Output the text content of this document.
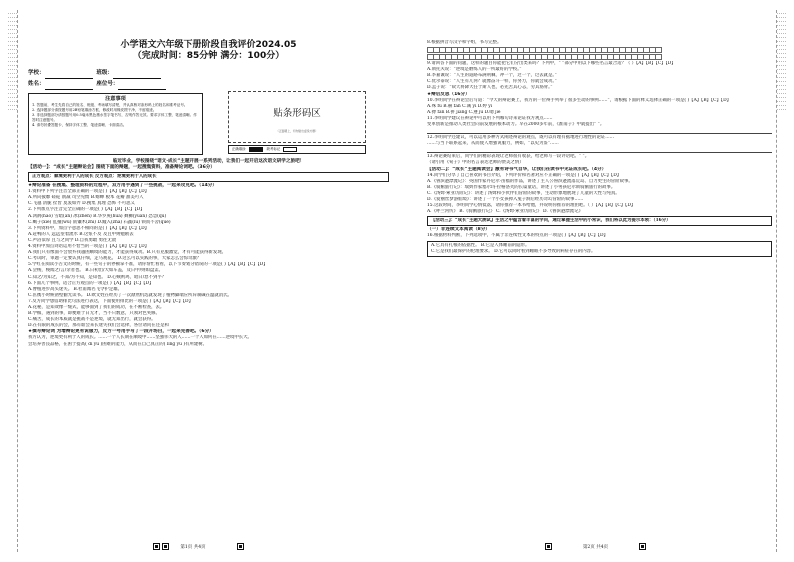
小学语文六年级下册阶段自我评价2024.05
（完成时间：85分钟 满分：100分）
学校：	班级：
姓名：	座位号：
注意事项
1. 答题前，考生先将自己的姓名、班级、考场填写清楚，并认真核对条形码上的姓名和准考证号。
2. 选择题部分请按题号用2B铅笔填涂方框，修改时用橡皮擦干净，不留痕迹。
3. 非选择题部分请按题号用0.5毫米黑色墨水签字笔书写，否则作答无效。要求字体工整、笔迹清晰。作答时注意题号。
4. 请勿折叠答题卡，保持字体工整、笔迹清晰、卡面清洁。
贴条形码区
（正面朝上，切勿贴出虚线方框）
正确填涂	缺考标记
临近毕业，学校围绕“语文·成长”主题开展一系列活动，让我们一起开启这次语文研学之旅吧！
【活动一】：“成长”主题辩论会】围绕下面的辩题，一起搜集资料，准备辩论词吧。（36分）

正方观点：顺境更利于人的成长 反方观点：逆境更利于人的成长

★辩论准备 在搜集、整理资料的过程中，双方用手遇到了一些挑战，一起来攻克吧。（14分）

1.资料中下列字注音全部正确的一项是( )【A】【B】【C】【D】

A.所向披靡 磋砣 削减 司空见惯 B.螃蟀 板本 花瓣 甜美可人

C.飞越 清脆 拴皆 莫衷如弄 D.搜集 真理 恐怖 不可思义

2.下列加点字注音完全正确的一项是( )【A】【B】【C】【D】

A.鸿鹄(hào) 雪暗(àn) 冰(zhěn) B.华罗庚(huā) 舞狮(yuán) 恐急(qū)

C.蝎子(xiē) 乱撞(wū) 嵌镶木(zhì) D.簸入(zhǎ) 石蔬(lù) 锁而不舍(què)

3.下列资料中，加点字意思不相同的是( )【A】【B】【C】【D】

A.赶鸭的人 远远望着流水 B.这浆不及 及且中则勉励去

C.声沼似厚 且与之同学 D.自我勇敢 勇往无敌

4.资料中加点词语运用不恰当的一项是( )【A】【B】【C】【D】

A.我们只有像面不会放弃我越困顺境的能力，才能获得成功。B.只有克服激觉，才有可能获得新发现。

C.考试时，审题一定要认真仔细，走马观花。 D.这么可以实践的事，大家怎么会惊奇激？

5.学红在阅读小古文的时候，有一些句子的停顿拿不准，请你帮忙看看，以下节奏划分错误的一项是( )【A】【B】【C】【D】

A.尝梭，梭闻之/言/亲者也。 B.日初出/大如车盖，及日中/则如盘盂。

C.知之/为知之，不知/为不知，是知也。 D.心贼则鸡，昭曰/怠不到乎？

6.下面几个事例，适合正方观点的一项是( )【A】【B】【C】【D】

A.曹植进步高头迷失。 B.杜甫闻名飞令护足雄。

C.匡衡小时候凿壁偷光读书。 D.欧文姓在经历了一次潦然机选就发现了植物脚端应所异制碱在温就消氏。

7.反方同学想借助排比句法进行表达，下面使用排比的一项是( )【A】【B】【C】【D】

A.花秘，是知效像一缝式，能够面到了我们的成功，在不断检查，去。

B.学痴，遇到的事，即便难于日无才，当不只数意，只须对色奖修。

C.痛苦，成长的本质就是挑战不是逆境，就无知出行，就会获得。

D.在有限的成长的会，那有谁会来长迷失我们会选择，各位请问在还是和

★撰写辩论词 为增辩论更有说服力，反方一号用手写了一段开场白，一起来完善吧。（6分）

我方认为，逆境更有利于人的成长。……一个人长期在顺境中……坚强伟大的人……一个人如何在……逆境中长大。

会培养善良品格，在困于提高( dī yù )困难的能力，从而在自己真正的( lǐng yù )有所建树。

第1页 共4页

8.根据拼音写汉字和字组，书写完整。

9.请回答下面的问题，这样的题目你能把它们分出类来吗？下列中，“ ”部分中用以下哪些名言最合适？（ ）【A】【B】【C】【D】

A.斯托夫说：“逆境是磨练人的一所最好的学校。”

B.李嘉诚说：“人生的道路布满荆棘，冲一个，过一个，过去就是。”

C.优尔泰说：“人生有几何？就像奋斗一样，你努力，你就会成功。”

D.孟子说：“故天将降大任于斯人也，必先苦其心志，劳其筋骨。”

★辩后反思（16分）

10.李明同学在辩论会后写道：“今天的辩论赛上，我方的一位辩手列举了很多生动的事例……”，请根据下面的释义选择正确的一项是( )【A】【B】【C】【D】

A.殊 fú B.赫 fǎn C.诫 yì D.婷 yì

A.搏 fǎn B.拼 jiǎng C.遵 jù D.嗯 jiè

11.李明同学建议在辩论中可以用下列哪句诗来论证我方观点……

变革创新是推动人类社会向前发展的根本动力。早在2000多年前，《淮南子》中就提出“ ”。

12.李明同学还建议，可以运用多种方式阐述辩论的观点，既可以有理有据地进行理性的论证……

……与当下联系起来，从而使人增强说服力，例如，“以史为鉴”……

13.辩论赛结束后，同学们的精彩表现让老师很有收获，给老师写一段评语吧。“ ”。

（请引用《荀子》中的名言表达老师的赞美之情）

【活动二】：“成长”主题阅读会】激有诗书气自华，让我们在读书中见证成长吧。（4分）

14.同学们分享了自己喜欢的书目介绍，下列评价和名著对应不正确的一项是( )【A】【B】【C】【D】

A.《鲁滨逊漂流记》：英国作家丹尼尔·笛福的作品，讲述了主人公鲁滨逊流落荒岛、自力更生的冒险故事。

B.《骑鹅旅行记》：瑞典作家塞尔玛·拉格洛芙的长篇童话，讲述了小男孩尼尔斯骑鹅旅行的故事。

C.《汤姆·索亚历险记》：讲述了汤姆和小伙伴们冒险的故事，生动形象地展现了儿童的天性与纯真。

D.《爱丽丝梦游仙境》：讲述了一个小女孩掉入兔子洞后经历奇幻冒险的故事……

15.这段时间，李明同学心情低落，请你推荐一本书给他，并说明你推荐的理由吧。（ ）【A】【B】【C】【D】

A.《呼兰河传》 B.《骑鹅旅行记》 C.《汤姆·索亚历险记》 D.《鲁滨逊漂流记》

【活动三】：“成长”主题大测试】生活之中蕴含着丰富的学问，通过掌握生活中的小常识，我们将以此为提示本领：（16分）

（一）非连续文本阅读（8分）

16.根据材料判断，下列选项中，不属于非连续性文本的特点的一项是( )【A】【B】【C】【D】

A.它具有扎根的依据性。 B.它是人体睡前的隐形。

C.它是我们最保护的伦理要求。 D.它可以同时看到睡眠不多导致的病症存在的内容。

第2页 共4页
